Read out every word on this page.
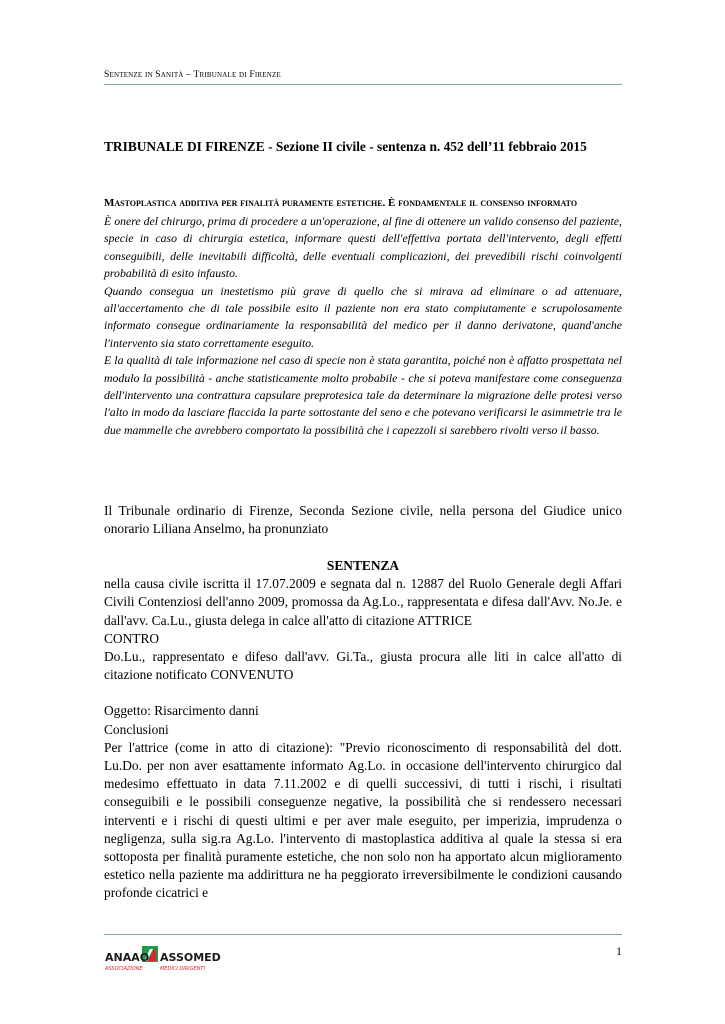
Sentenze in Sanità – Tribunale di Firenze
TRIBUNALE DI FIRENZE - Sezione II civile - sentenza n. 452 dell’11 febbraio 2015
Mastoplastica additiva per finalità puramente estetiche. È fondamentale il consenso informato

È onere del chirurgo, prima di procedere a un'operazione, al fine di ottenere un valido consenso del paziente, specie in caso di chirurgia estetica, informare questi dell'effettiva portata dell'intervento, degli effetti conseguibili, delle inevitabili difficoltà, delle eventuali complicazioni, dei prevedibili rischi coinvolgenti probabilità di esito infausto.

Quando consegua un inestetismo più grave di quello che si mirava ad eliminare o ad attenuare, all'accertamento che di tale possibile esito il paziente non era stato compiutamente e scrupolosamente informato consegue ordinariamente la responsabilità del medico per il danno derivatone, quand'anche l'intervento sia stato correttamente eseguito.

E la qualità di tale informazione nel caso di specie non è stata garantita, poiché non è affatto prospettata nel modulo la possibilità - anche statisticamente molto probabile - che si poteva manifestare come conseguenza dell'intervento una contrattura capsulare preprotesica tale da determinare la migrazione delle protesi verso l'alto in modo da lasciare flaccida la parte sottostante del seno e che potevano verificarsi le asimmetrie tra le due mammelle che avrebbero comportato la possibilità che i capezzoli si sarebbero rivolti verso il basso.

Il Tribunale ordinario di Firenze, Seconda Sezione civile, nella persona del Giudice unico onorario Liliana Anselmo, ha pronunziato

SENTENZA

nella causa civile iscritta il 17.07.2009 e segnata dal n. 12887 del Ruolo Generale degli Affari Civili Contenziosi dell'anno 2009, promossa da Ag.Lo., rappresentata e difesa dall'Avv. No.Je. e dall'avv. Ca.Lu., giusta delega in calce all'atto di citazione ATTRICE

CONTRO

Do.Lu., rappresentato e difeso dall'avv. Gi.Ta., giusta procura alle liti in calce all'atto di citazione notificato CONVENUTO

Oggetto: Risarcimento danni

Conclusioni

Per l'attrice (come in atto di citazione): "Previo riconoscimento di responsabilità del dott. Lu.Do. per non aver esattamente informato Ag.Lo. in occasione dell'intervento chirurgico dal medesimo effettuato in data 7.11.2002 e di quelli successivi, di tutti i rischi, i risultati conseguibili e le possibili conseguenze negative, la possibilità che si rendessero necessari interventi e i rischi di questi ultimi e per aver male eseguito, per imperizia, imprudenza o negligenza, sulla sig.ra Ag.Lo. l'intervento di mastoplastica additiva al quale la stessa si era sottoposta per finalità puramente estetiche, che non solo non ha apportato alcun miglioramento estetico nella paziente ma addirittura ne ha peggiorato irreversibilmente le condizioni causando profonde cicatrici e

ANAAO ASSOMED
ASSOCIAZIONE	MEDICI DIRIGENTI
1
